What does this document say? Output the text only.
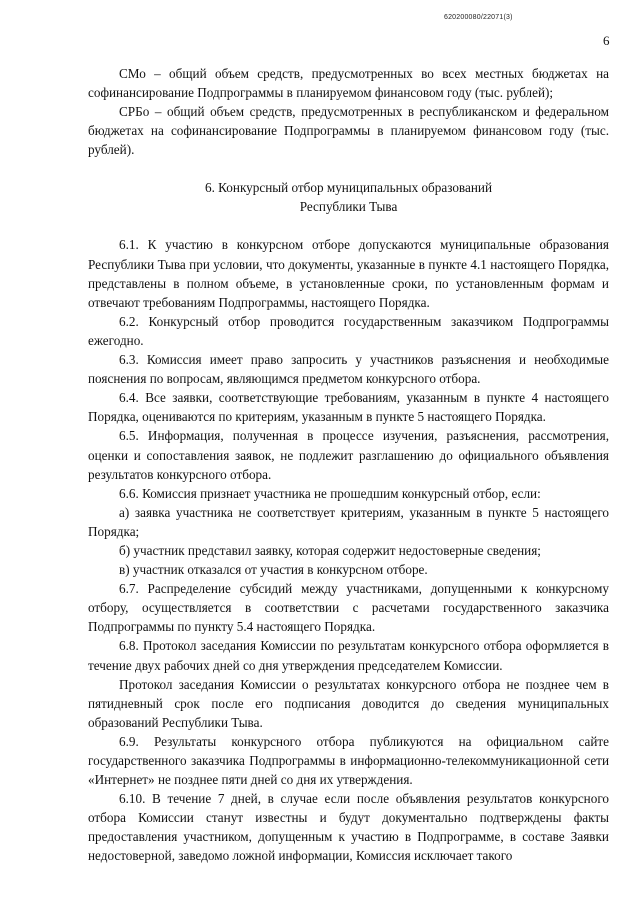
620200080/22071(3)
6

СМо – общий объем средств, предусмотренных во всех местных бюджетах на софинансирование Подпрограммы в планируемом финансовом году (тыс. рублей);

СРБо – общий объем средств, предусмотренных в республиканском и федеральном бюджетах на софинансирование Подпрограммы в планируемом финансовом году (тыс. рублей).

6. Конкурсный отбор муниципальных образований
Республики Тыва

6.1. К участию в конкурсном отборе допускаются муниципальные образования Республики Тыва при условии, что документы, указанные в пункте 4.1 настоящего Порядка, представлены в полном объеме, в установленные сроки, по установленным формам и отвечают требованиям Подпрограммы, настоящего Порядка.

6.2. Конкурсный отбор проводится государственным заказчиком Подпрограммы ежегодно.

6.3. Комиссия имеет право запросить у участников разъяснения и необходимые пояснения по вопросам, являющимся предметом конкурсного отбора.

6.4. Все заявки, соответствующие требованиям, указанным в пункте 4 настоящего Порядка, оцениваются по критериям, указанным в пункте 5 настоящего Порядка.

6.5. Информация, полученная в процессе изучения, разъяснения, рассмотрения, оценки и сопоставления заявок, не подлежит разглашению до официального объявления результатов конкурсного отбора.

6.6. Комиссия признает участника не прошедшим конкурсный отбор, если:

а) заявка участника не соответствует критериям, указанным в пункте 5 настоящего Порядка;

б) участник представил заявку, которая содержит недостоверные сведения;

в) участник отказался от участия в конкурсном отборе.

6.7. Распределение субсидий между участниками, допущенными к конкурсному отбору, осуществляется в соответствии с расчетами государственного заказчика Подпрограммы по пункту 5.4 настоящего Порядка.

6.8. Протокол заседания Комиссии по результатам конкурсного отбора оформляется в течение двух рабочих дней со дня утверждения председателем Комиссии.

Протокол заседания Комиссии о результатах конкурсного отбора не позднее чем в пятидневный срок после его подписания доводится до сведения муниципальных образований Республики Тыва.

6.9. Результаты конкурсного отбора публикуются на официальном сайте государственного заказчика Подпрограммы в информационно-телекоммуникационной сети «Интернет» не позднее пяти дней со дня их утверждения.

6.10. В течение 7 дней, в случае если после объявления результатов конкурсного отбора Комиссии станут известны и будут документально подтверждены факты предоставления участником, допущенным к участию в Подпрограмме, в составе Заявки недостоверной, заведомо ложной информации, Комиссия исключает такого
